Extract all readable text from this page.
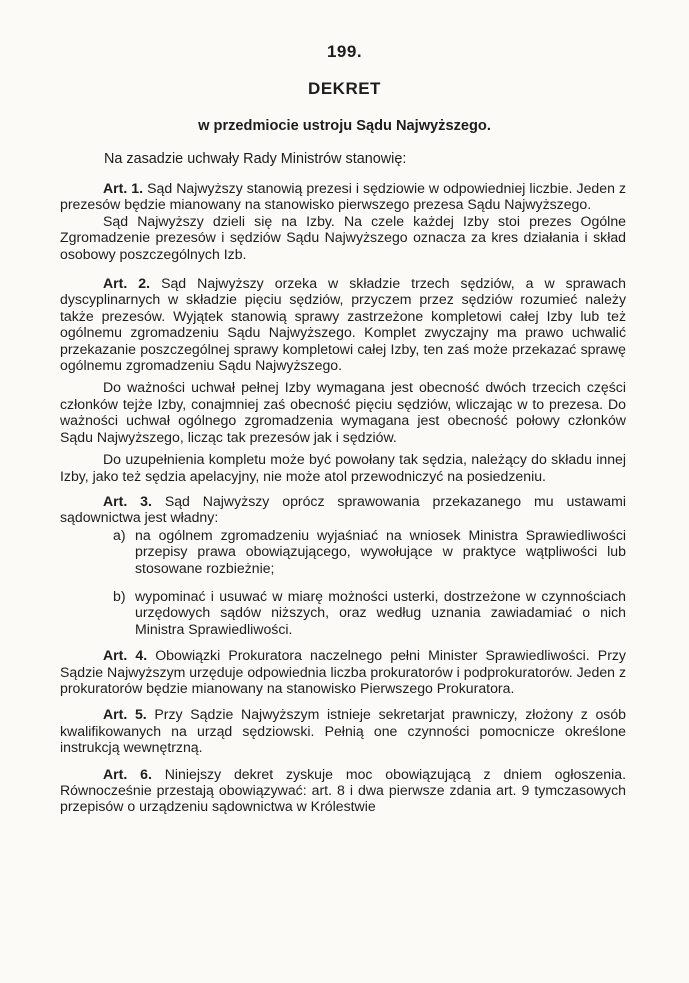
199.
DEKRET
w przedmiocie ustroju Sądu Najwyższego.
Na zasadzie uchwały Rady Ministrów stanowię:

Art. 1. Sąd Najwyższy stanowią prezesi i sędziowie w odpowiedniej liczbie. Jeden z prezesów będzie mianowany na stanowisko pierwszego prezesa Sądu Najwyższego.

Sąd Najwyższy dzieli się na Izby. Na czele każdej Izby stoi prezes Ogólne Zgromadzenie prezesów i sędziów Sądu Najwyższego oznacza za kres działania i skład osobowy poszczególnych Izb.

Art. 2. Sąd Najwyższy orzeka w składzie trzech sędziów, a w sprawach dyscyplinarnych w składzie pięciu sędziów, przyczem przez sędziów rozumieć należy także prezesów. Wyjątek stanowią sprawy zastrzeżone kompletowi całej Izby lub też ogólnemu zgromadzeniu Sądu Najwyższego. Komplet zwyczajny ma prawo uchwalić przekazanie poszczególnej sprawy kompletowi całej Izby, ten zaś może przekazać sprawę ogólnemu zgromadzeniu Sądu Najwyższego.

Do ważności uchwał pełnej Izby wymagana jest obecność dwóch trzecich części członków tejże Izby, conajmniej zaś obecność pięciu sędziów, wliczając w to prezesa. Do ważności uchwał ogólnego zgromadzenia wymagana jest obecność połowy członków Sądu Najwyższego, licząc tak prezesów jak i sędziów.

Do uzupełnienia kompletu może być powołany tak sędzia, należący do składu innej Izby, jako też sędzia apelacyjny, nie może atol przewodniczyć na posiedzeniu.

Art. 3. Sąd Najwyższy oprócz sprawowania przekazanego mu ustawami sądownictwa jest władny:

a) na ogólnem zgromadzeniu wyjaśniać na wniosek Ministra Sprawiedliwości przepisy prawa obowiązującego, wywołujące w praktyce wątpliwości lub stosowane rozbieżnie;
b) wypominać i usuwać w miarę możności usterki, dostrzeżone w czynnościach urzędowych sądów niższych, oraz według uznania zawiadamiać o nich Ministra Sprawiedliwości.

Art. 4. Obowiązki Prokuratora naczelnego pełni Minister Sprawiedliwości. Przy Sądzie Najwyższym urzęduje odpowiednia liczba prokuratorów i podprokuratorów. Jeden z prokuratorów będzie mianowany na stanowisko Pierwszego Prokuratora.

Art. 5. Przy Sądzie Najwyższym istnieje sekretarjat prawniczy, złożony z osób kwalifikowanych na urząd sędziowski. Pełnią one czynności pomocnicze określone instrukcją wewnętrzną.

Art. 6. Niniejszy dekret zyskuje moc obowiązującą z dniem ogłoszenia. Równocześnie przestają obowiązywać: art. 8 i dwa pierwsze zdania art. 9 tymczasowych przepisów o urządzeniu sądownictwa w Królestwie
